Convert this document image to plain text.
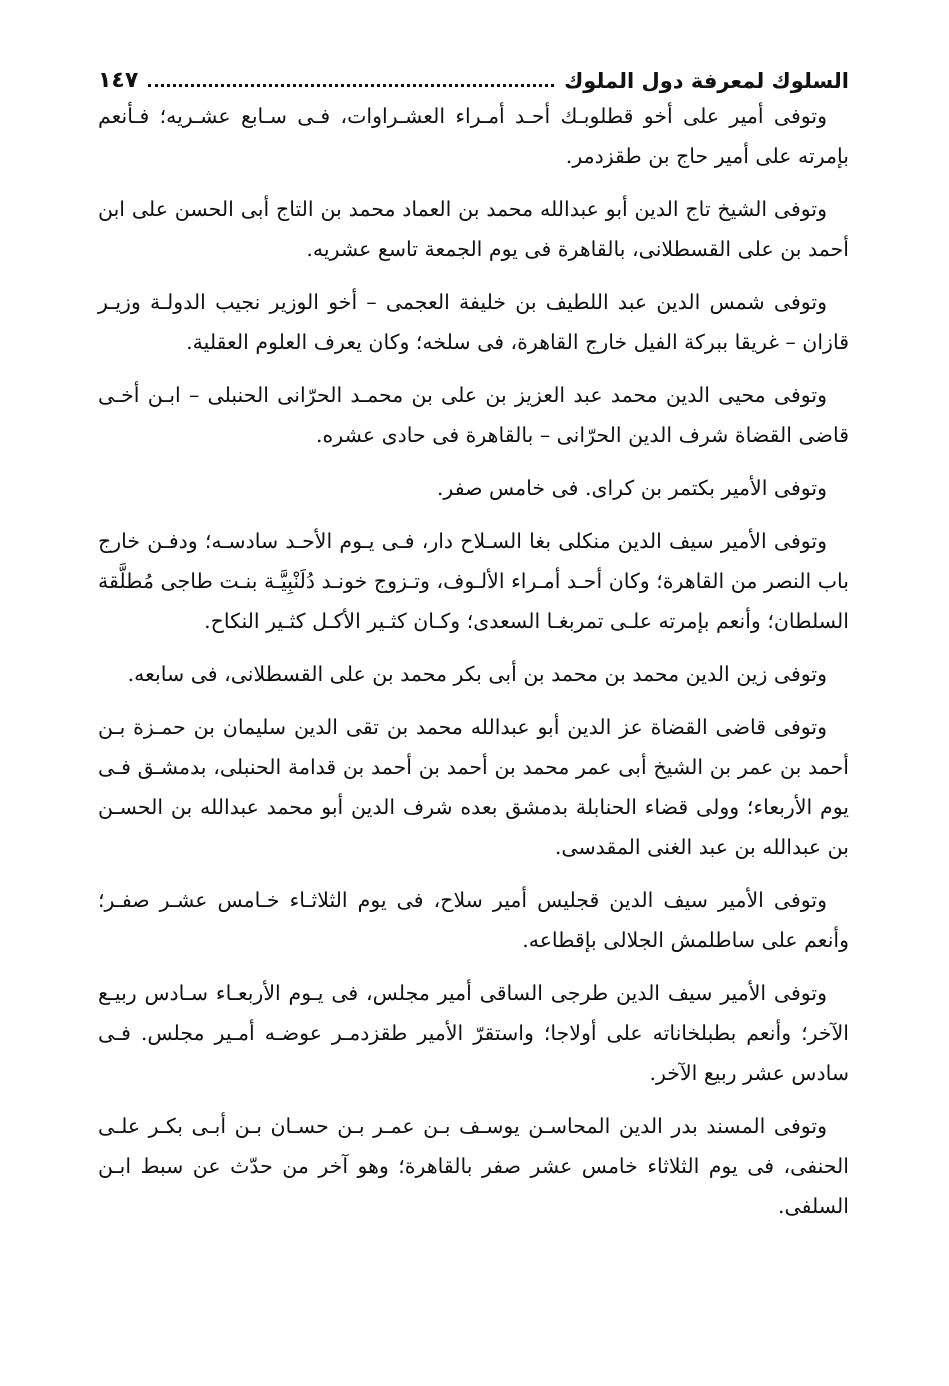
السلوك لمعرفة دول الملوك
١٤٧

وتوفى أمير على أخو قطلوبـك أحـد أمـراء العشـراوات، فـى سـابع عشـريه؛ فـأنعم بإمرته على أمير حاج بن طقزدمر.

وتوفى الشيخ تاج الدين أبو عبدالله محمد بن العماد محمد بن التاج أبى الحسن على ابن أحمد بن على القسطلانى، بالقاهرة فى يوم الجمعة تاسع عشريه.

وتوفى شمس الدين عبد اللطيف بن خليفة العجمى – أخو الوزير نجيب الدولـة وزيـر قازان – غريقا ببركة الفيل خارج القاهرة، فى سلخه؛ وكان يعرف العلوم العقلية.

وتوفى محيى الدين محمد عبد العزيز بن على بن محمـد الحرّانى الحنبلى – ابـن أخـى قاضى القضاة شرف الدين الحرّانى – بالقاهرة فى حادى عشره.

وتوفى الأمير بكتمر بن كراى. فى خامس صفر.

وتوفى الأمير سيف الدين منكلى بغا السـلاح دار، فـى يـوم الأحـد سادسـه؛ ودفـن خارج باب النصر من القاهرة؛ وكان أحـد أمـراء الألـوف، وتـزوج خونـد دُلَنْبِيَّـة بنـت طاجى مُطلَّقة السلطان؛ وأنعم بإمرته علـى تمربغـا السعدى؛ وكـان كثـير الأكـل كثـير النكاح.

وتوفى زين الدين محمد بن محمد بن أبى بكر محمد بن على القسطلانى، فى سابعه.

وتوفى قاضى القضاة عز الدين أبو عبدالله محمد بن تقى الدين سليمان بن حمـزة بـن أحمد بن عمر بن الشيخ أبى عمر محمد بن أحمد بن أحمد بن قدامة الحنبلى، بدمشـق فـى يوم الأربعاء؛ وولى قضاء الحنابلة بدمشق بعده شرف الدين أبو محمد عبدالله بن الحسـن بن عبدالله بن عبد الغنى المقدسى.

وتوفى الأمير سيف الدين قجليس أمير سلاح، فى يوم الثلاثـاء خـامس عشـر صفـر؛ وأنعم على ساطلمش الجلالى بإقطاعه.

وتوفى الأمير سيف الدين طرجى الساقى أمير مجلس، فى يـوم الأربعـاء سـادس ربيـع الآخر؛ وأنعم بطبلخاناته على أولاجا؛ واستقرّ الأمير طقزدمـر عوضـه أمـير مجلس. فـى سادس عشر ربيع الآخر.

وتوفى المسند بدر الدين المحاسـن يوسـف بـن عمـر بـن حسـان بـن أبـى بكـر علـى الحنفى، فى يوم الثلاثاء خامس عشر صفر بالقاهرة؛ وهو آخر من حدّث عن سبط ابـن السلفى.
